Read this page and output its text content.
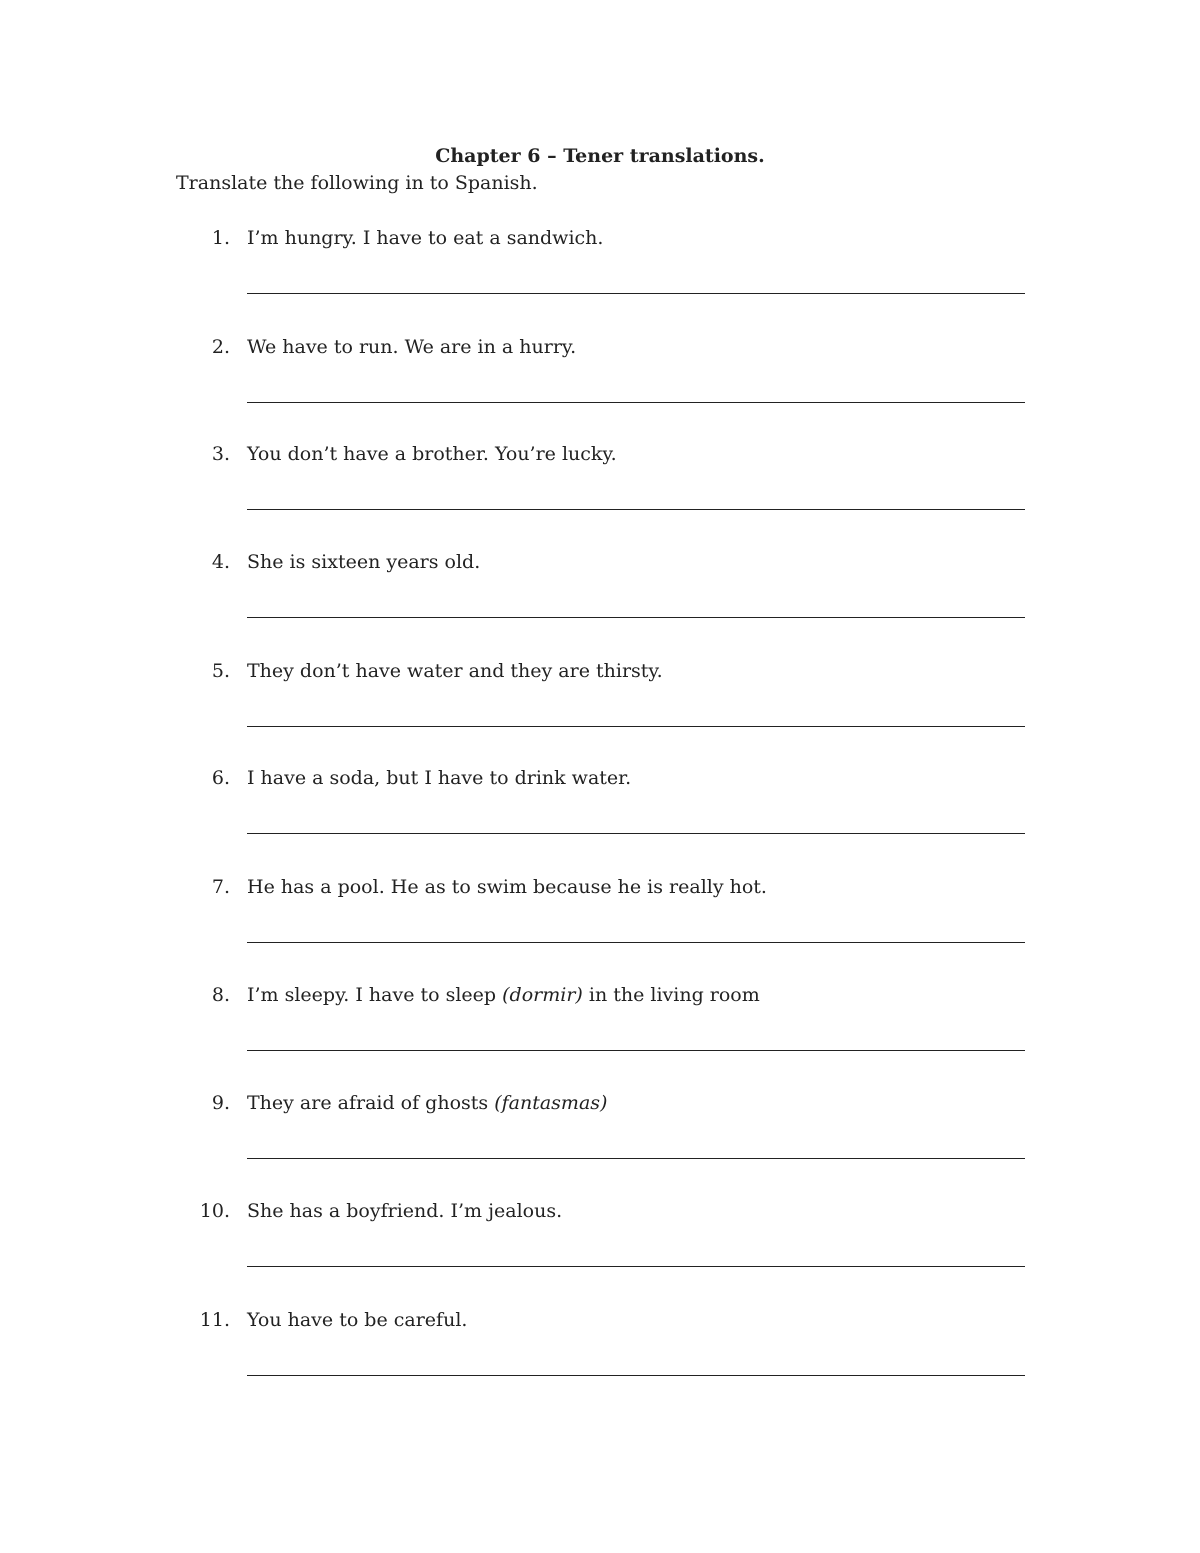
Chapter 6 – Tener translations.
Translate the following in to Spanish.
1. I’m hungry. I have to eat a sandwich.
2. We have to run. We are in a hurry.
3. You don’t have a brother. You’re lucky.
4. She is sixteen years old.
5. They don’t have water and they are thirsty.
6. I have a soda, but I have to drink water.
7. He has a pool. He as to swim because he is really hot.
8. I’m sleepy. I have to sleep (dormir) in the living room
9. They are afraid of ghosts (fantasmas)
10. She has a boyfriend. I’m jealous.
11. You have to be careful.
